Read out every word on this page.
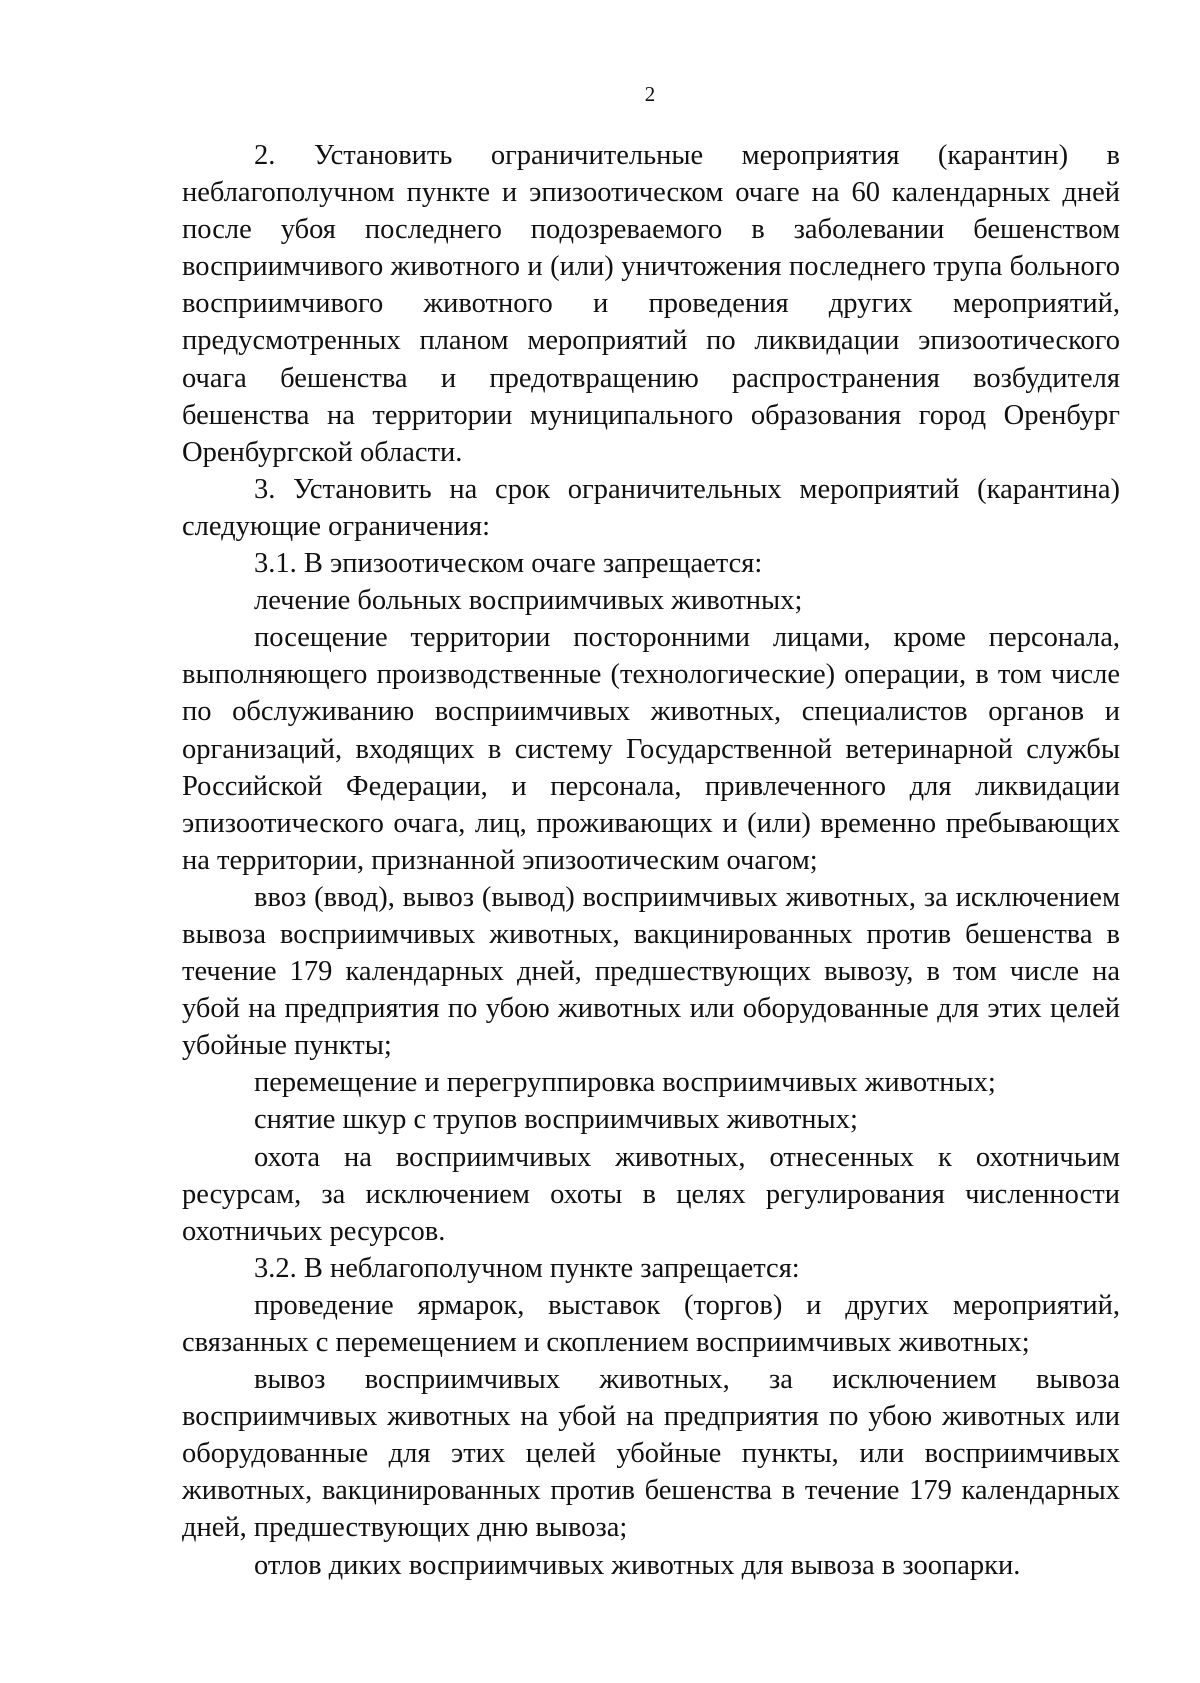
2

2. Установить ограничительные мероприятия (карантин) в неблагополучном пункте и эпизоотическом очаге на 60 календарных дней после убоя последнего подозреваемого в заболевании бешенством восприимчивого животного и (или) уничтожения последнего трупа больного восприимчивого животного и проведения других мероприятий, предусмотренных планом мероприятий по ликвидации эпизоотического очага бешенства и предотвращению распространения возбудителя бешенства на территории муниципального образования город Оренбург Оренбургской области.

3. Установить на срок ограничительных мероприятий (карантина) следующие ограничения:

3.1. В эпизоотическом очаге запрещается:

лечение больных восприимчивых животных;

посещение территории посторонними лицами, кроме персонала, выполняющего производственные (технологические) операции, в том числе по обслуживанию восприимчивых животных, специалистов органов и организаций, входящих в систему Государственной ветеринарной службы Российской Федерации, и персонала, привлеченного для ликвидации эпизоотического очага, лиц, проживающих и (или) временно пребывающих на территории, признанной эпизоотическим очагом;

ввоз (ввод), вывоз (вывод) восприимчивых животных, за исключением вывоза восприимчивых животных, вакцинированных против бешенства в течение 179 календарных дней, предшествующих вывозу, в том числе на убой на предприятия по убою животных или оборудованные для этих целей убойные пункты;

перемещение и перегруппировка восприимчивых животных;

снятие шкур с трупов восприимчивых животных;

охота на восприимчивых животных, отнесенных к охотничьим ресурсам, за исключением охоты в целях регулирования численности охотничьих ресурсов.

3.2. В неблагополучном пункте запрещается:

проведение ярмарок, выставок (торгов) и других мероприятий, связанных с перемещением и скоплением восприимчивых животных;

вывоз восприимчивых животных, за исключением вывоза восприимчивых животных на убой на предприятия по убою животных или оборудованные для этих целей убойные пункты, или восприимчивых животных, вакцинированных против бешенства в течение 179 календарных дней, предшествующих дню вывоза;

отлов диких восприимчивых животных для вывоза в зоопарки.
